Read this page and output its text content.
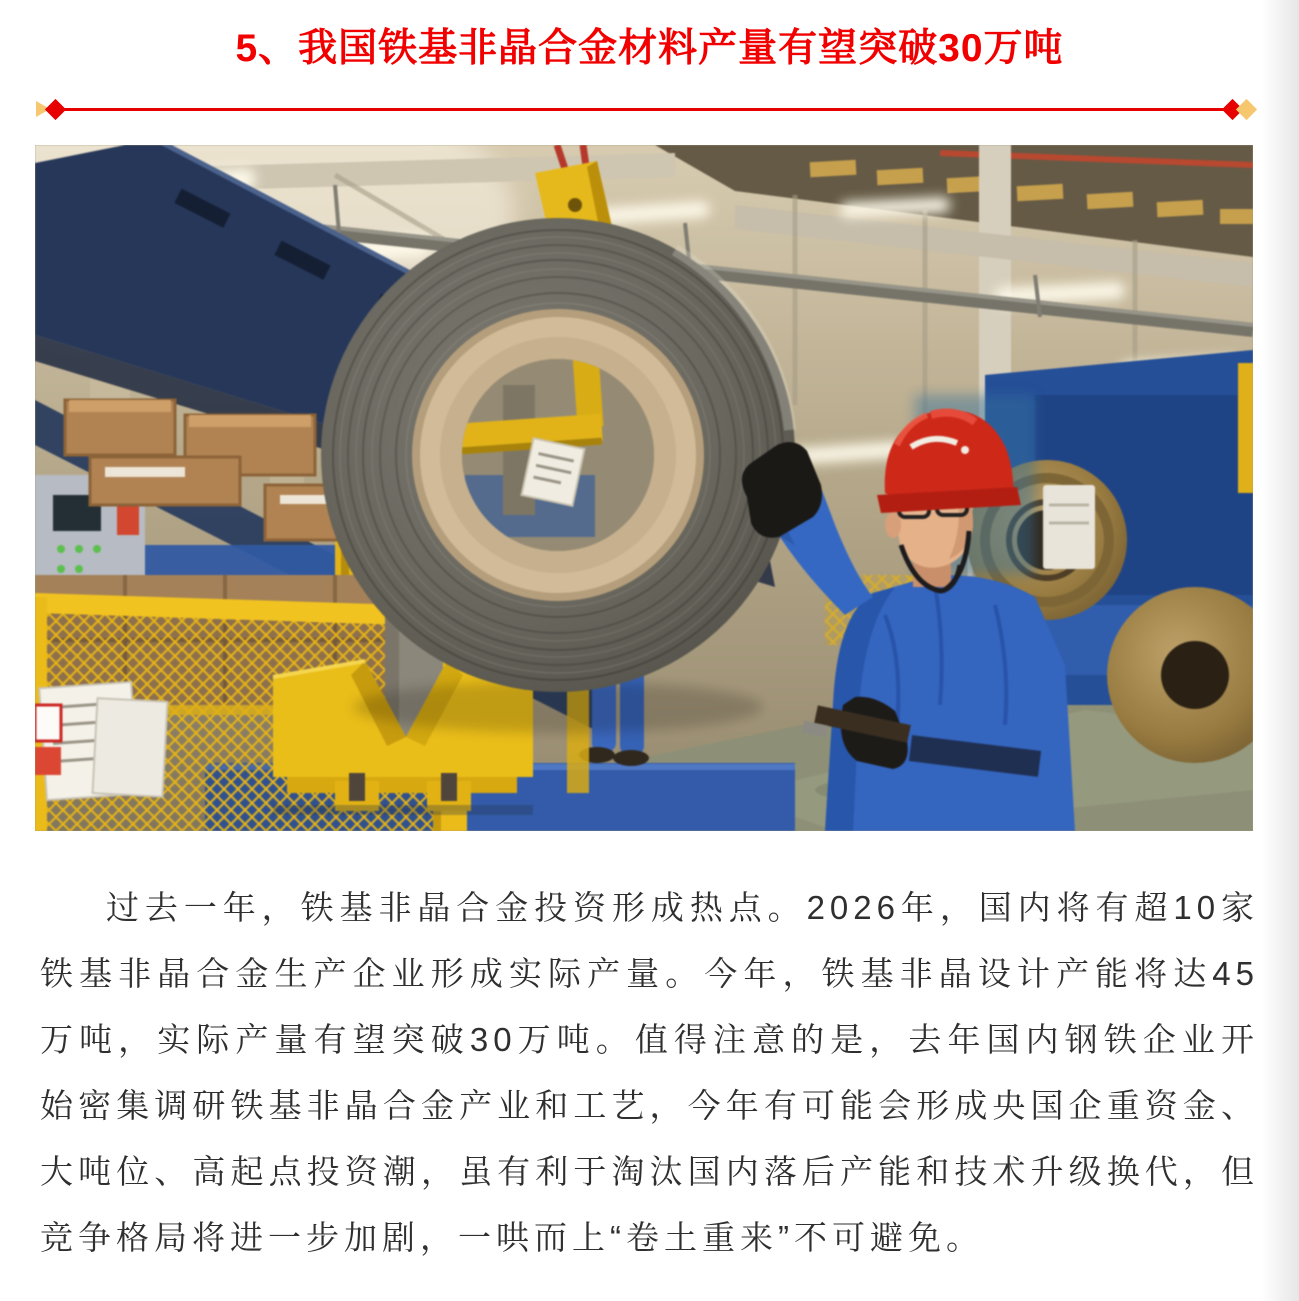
5、我国铁基非晶合金材料产量有望突破30万吨

过去一年，铁基非晶合金投资形成热点。2026年，国内将有超10家铁基非晶合金生产企业形成实际产量。今年，铁基非晶设计产能将达45万吨，实际产量有望突破30万吨。值得注意的是，去年国内钢铁企业开始密集调研铁基非晶合金产业和工艺，今年有可能会形成央国企重资金、大吨位、高起点投资潮，虽有利于淘汰国内落后产能和技术升级换代，但竞争格局将进一步加剧，一哄而上“卷土重来”不可避免。
